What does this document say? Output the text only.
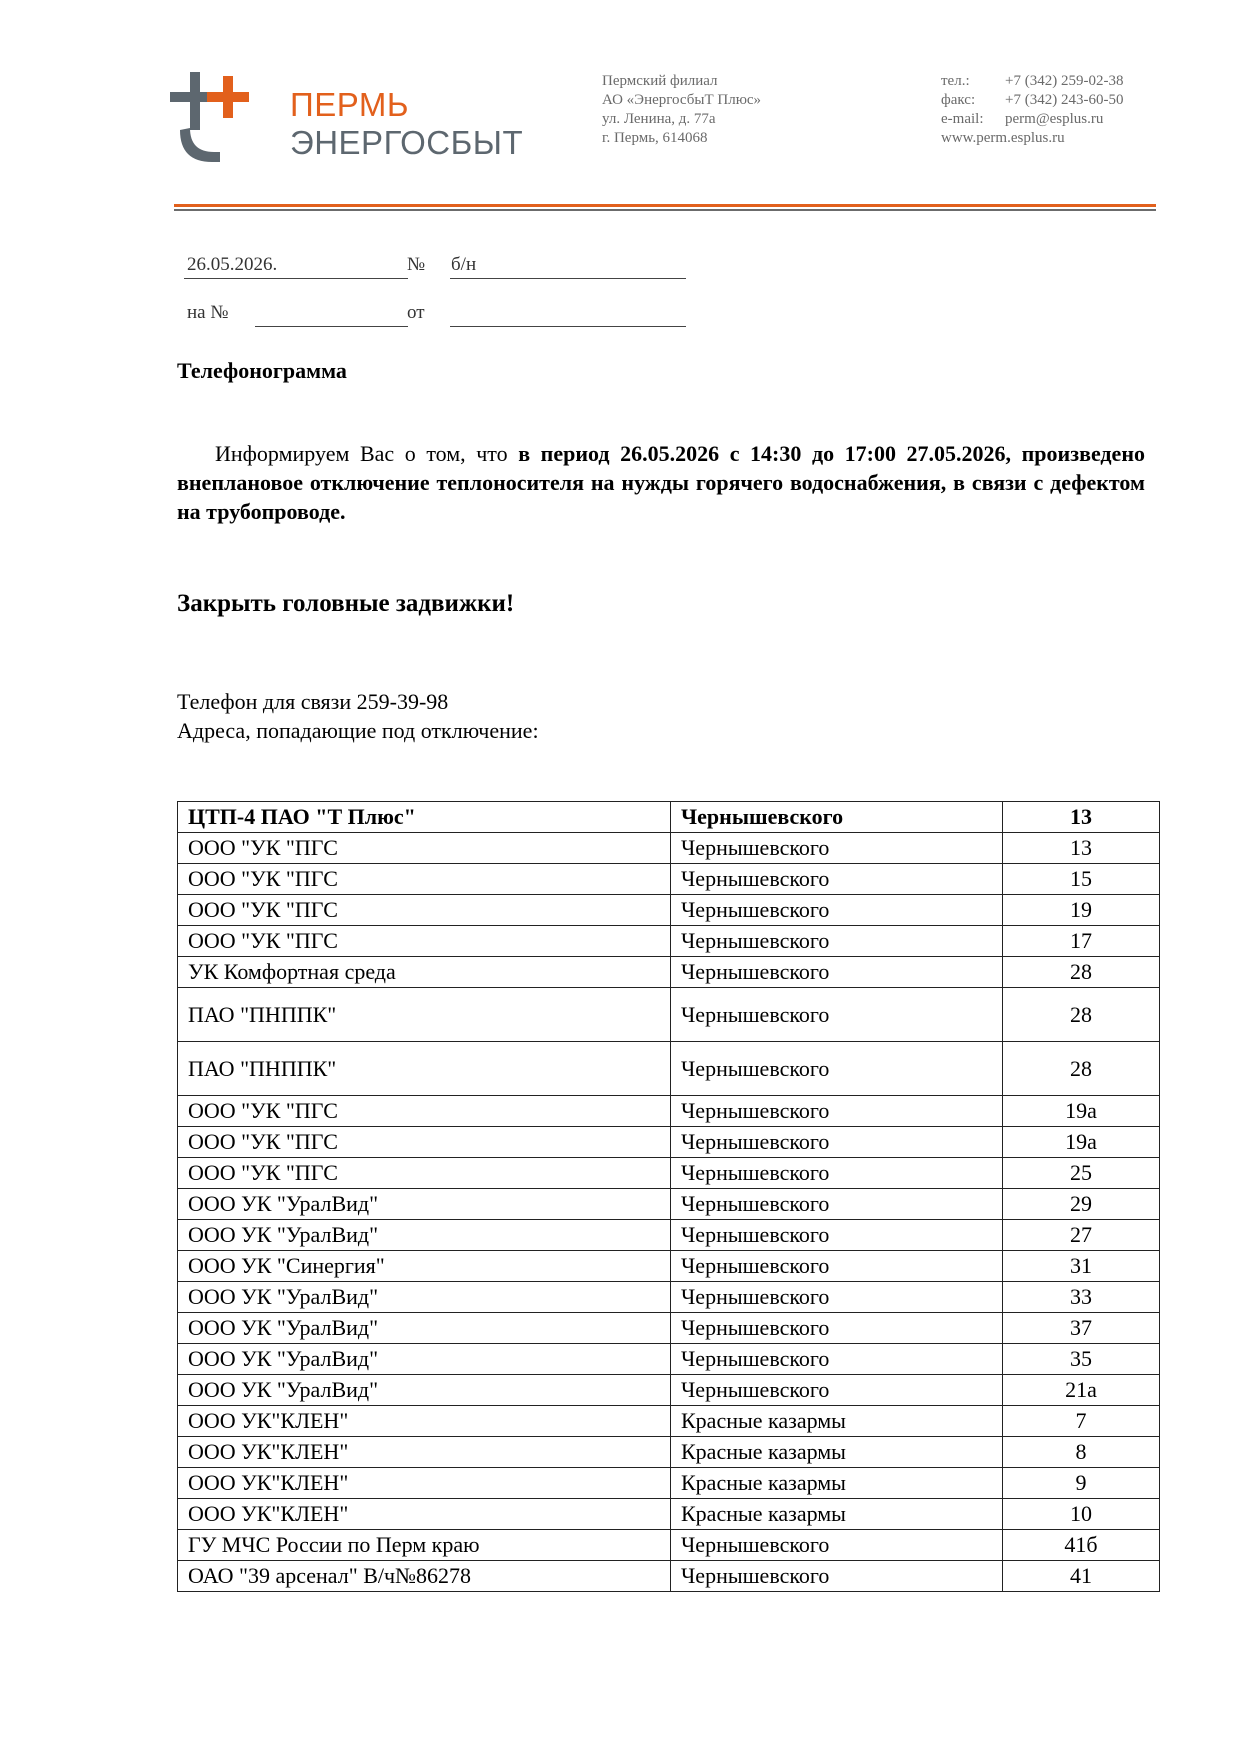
ПЕРМЬ
ЭНЕРГОСБЫТ
Пермский филиал
АО «ЭнергосбыТ Плюс»
ул. Ленина, д. 77а
г. Пермь, 614068
тел.:
факс:
e-mail:
www.perm.esplus.ru
+7 (342) 259-02-38
+7 (342) 243-60-50
perm@esplus.ru
26.05.2026.	№ б/н
на №	от
Телефонограмма
Информируем Вас о том, что в период 26.05.2026 с 14:30 до 17:00 27.05.2026, произведено внеплановое отключение теплоносителя на нужды горячего водоснабжения, в связи с дефектом на трубопроводе.
Закрыть головные задвижки!
Телефон для связи 259-39-98
Адреса, попадающие под отключение:
ЦТП-4 ПАО "Т Плюс"	Чернышевского	13
ООО "УК "ПГС	Чернышевского	13
ООО "УК "ПГС	Чернышевского	15
ООО "УК "ПГС	Чернышевского	19
ООО "УК "ПГС	Чернышевского	17
УК Комфортная среда	Чернышевского	28
ПАО "ПНППК"	Чернышевского	28
ПАО "ПНППК"	Чернышевского	28
ООО "УК "ПГС	Чернышевского	19а
ООО "УК "ПГС	Чернышевского	19а
ООО "УК "ПГС	Чернышевского	25
ООО УК "УралВид"	Чернышевского	29
ООО УК "УралВид"	Чернышевского	27
ООО УК "Синергия"	Чернышевского	31
ООО УК "УралВид"	Чернышевского	33
ООО УК "УралВид"	Чернышевского	37
ООО УК "УралВид"	Чернышевского	35
ООО УК "УралВид"	Чернышевского	21а
ООО УК"КЛЕН"	Красные казармы	7
ООО УК"КЛЕН"	Красные казармы	8
ООО УК"КЛЕН"	Красные казармы	9
ООО УК"КЛЕН"	Красные казармы	10
ГУ МЧС России по Перм краю	Чернышевского	41б
ОАО "39 арсенал" В/ч№86278	Чернышевского	41
